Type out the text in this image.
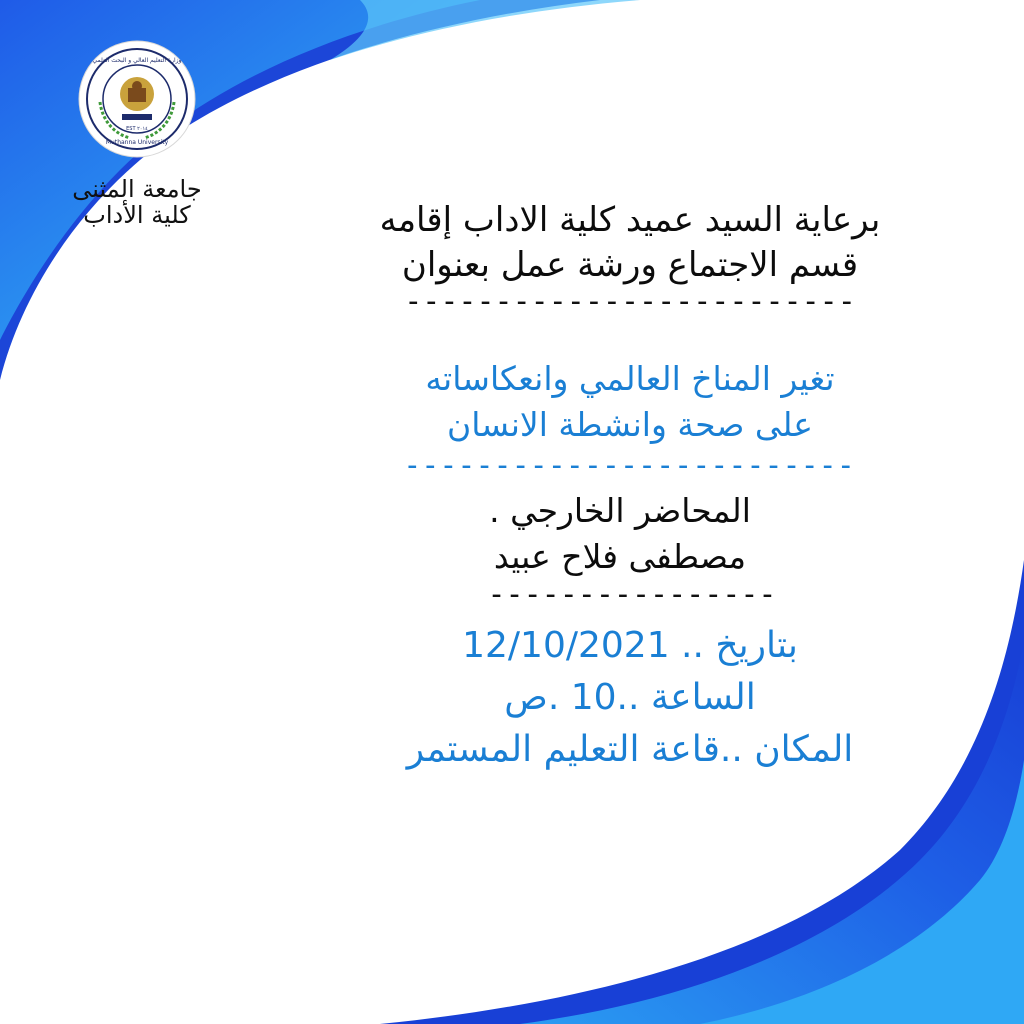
وزارة التعليم العالي و البحث العلمي
EST ٢٠١٤
Muthanna University
جامعة المثنى
كلية الأداب	برعاية السيد عميد كلية الاداب إقامه
قسم الاجتماع ورشة عمل بعنوان
-------------------------
تغير المناخ العالمي وانعكاساته
على صحة وانشطة الانسان
-------------------------
المحاضر الخارجي .
مصطفى فلاح عبيد
----------------
بتاريخ .. 12/10/2021
الساعة ..10 .ص
المكان ..قاعة التعليم المستمر
